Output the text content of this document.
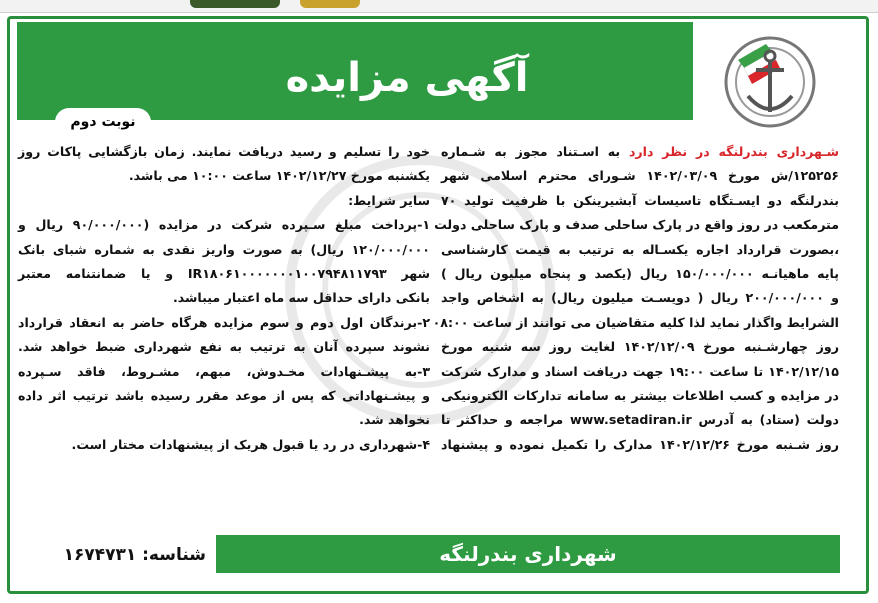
آگهی مزایده
نوبت دوم

شـهرداری بندرلنگه در نظر دارد به اسـتناد مجوز به شـماره

۱۲۵۲۵۶/ش مورخ ۱۴۰۲/۰۳/۰۹ شـورای محترم اسلامی شهر

بندرلنگه دو ایسـتگاه تاسیسات آبشیرینکن با ظرفیت تولید ۷۰

مترمکعب در روز واقع در پارک ساحلی صدف و پارک ساحلی دولت

،بصورت قرارداد اجاره یکسـاله به ترتیب به قیمت کارشناسی

پایه ماهیانـه ۱۵۰/۰۰۰/۰۰۰ ریال (یکصد و پنجاه میلیون ریال )

و ۲۰۰/۰۰۰/۰۰۰ ریال ( دویسـت میلیون ریال) به اشخاص واجد

الشرایط واگذار نماید لذا کلیه متقاضیان می توانند از ساعت ۰۸:۰۰

روز چهارشـنبه مورخ ۱۴۰۲/۱۲/۰۹ لغایت روز سه شنبه مورخ

۱۴۰۲/۱۲/۱۵ تا ساعت ۱۹:۰۰ جهت دریافت اسناد و مدارک شرکت

در مزایده و کسب اطلاعات بیشتر به سامانه تدارکات الکترونیکی

دولت (ستاد) به آدرس www.setadiran.ir مراجعه و حداکثر تا

روز شـنبه مورخ ۱۴۰۲/۱۲/۲۶ مدارک را تکمیل نموده و پیشنهاد

خود را تسلیم و رسید دریافت نمایند. زمان بازگشایی پاکات روز

یکشنبه مورخ ۱۴۰۲/۱۲/۲۷ ساعت ۱۰:۰۰ می باشد.

سایر شرایط:

۱-پرداخت مبلغ سـپرده شرکت در مزایده (۹۰/۰۰۰/۰۰۰ ریال و

۱۲۰/۰۰۰/۰۰۰ ریال) به صورت واریز نقدی به شماره شبای بانک

شهر IR۱۸۰۶۱۰۰۰۰۰۰۰۱۰۰۷۹۴۸۱۱۷۹۳ و یا ضمانتنامه معتبر

بانکی دارای حداقل سه ماه اعتبار میباشد.

۲-برندگان اول دوم و سوم مزایده هرگاه حاضر به انعقاد قرارداد

نشوند سپرده آنان به ترتیب به نفع شهرداری ضبط خواهد شد.

۳-به پیشـنهادات مخـدوش، مبهم، مشـروط، فاقد سـپرده

و پیشـنهاداتی که پس از موعد مقرر رسیده باشد ترتیب اثر داده

نخواهد شد.

۴-شهرداری در رد یا قبول هریک از پیشنهادات مختار است.

شهرداری بندرلنگه
شناسه: ۱۶۷۴۷۳۱
